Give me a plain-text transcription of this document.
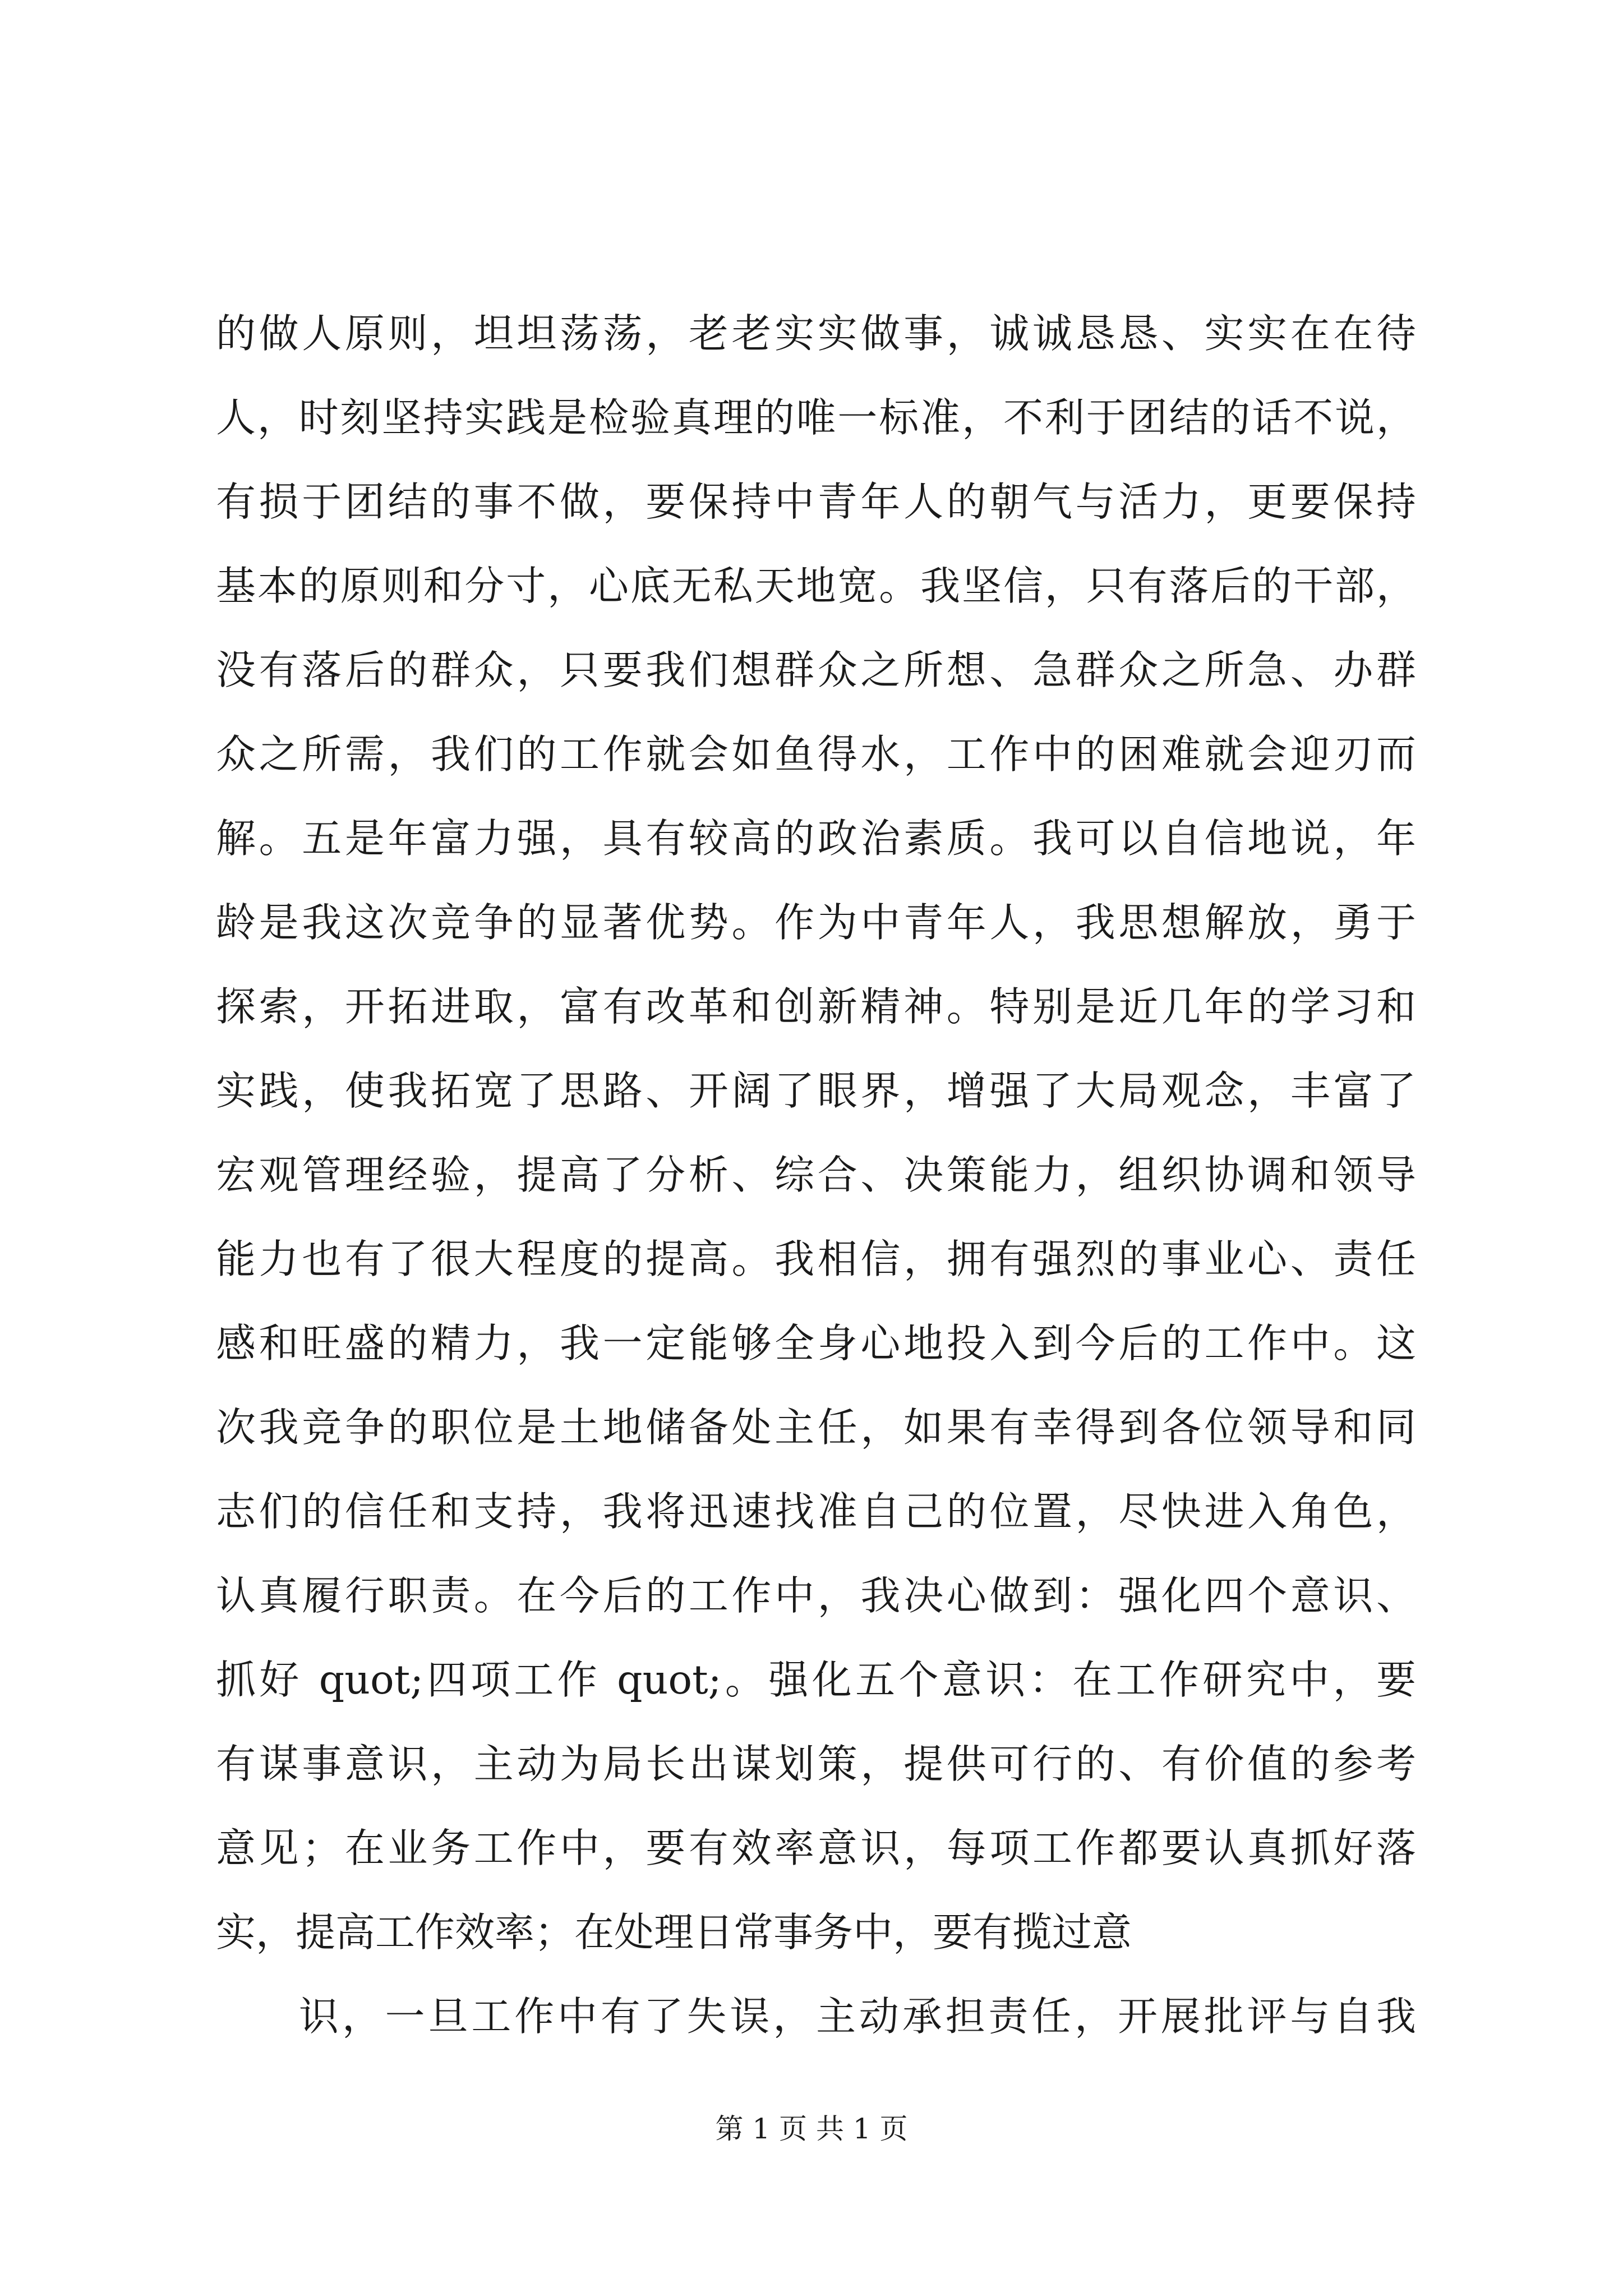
的做人原则，坦坦荡荡，老老实实做事，诚诚恳恳、实实在在待
人，时刻坚持实践是检验真理的唯一标准，不利于团结的话不说，
有损于团结的事不做，要保持中青年人的朝气与活力，更要保持
基本的原则和分寸，心底无私天地宽。我坚信，只有落后的干部，
没有落后的群众，只要我们想群众之所想、急群众之所急、办群
众之所需，我们的工作就会如鱼得水，工作中的困难就会迎刃而
解。五是年富力强，具有较高的政治素质。我可以自信地说，年
龄是我这次竞争的显著优势。作为中青年人，我思想解放，勇于
探索，开拓进取，富有改革和创新精神。特别是近几年的学习和
实践，使我拓宽了思路、开阔了眼界，增强了大局观念，丰富了
宏观管理经验，提高了分析、综合、决策能力，组织协调和领导
能力也有了很大程度的提高。我相信，拥有强烈的事业心、责任
感和旺盛的精力，我一定能够全身心地投入到今后的工作中。这
次我竞争的职位是土地储备处主任，如果有幸得到各位领导和同
志们的信任和支持，我将迅速找准自己的位置，尽快进入角色，
认真履行职责。在今后的工作中，我决心做到：强化四个意识、
抓好 quot;四项工作 quot;。强化五个意识：在工作研究中，要
有谋事意识，主动为局长出谋划策，提供可行的、有价值的参考
意见；在业务工作中，要有效率意识，每项工作都要认真抓好落
实，提高工作效率；在处理日常事务中，要有揽过意
识，一旦工作中有了失误，主动承担责任，开展批评与自我
第 1 页 共 1 页
